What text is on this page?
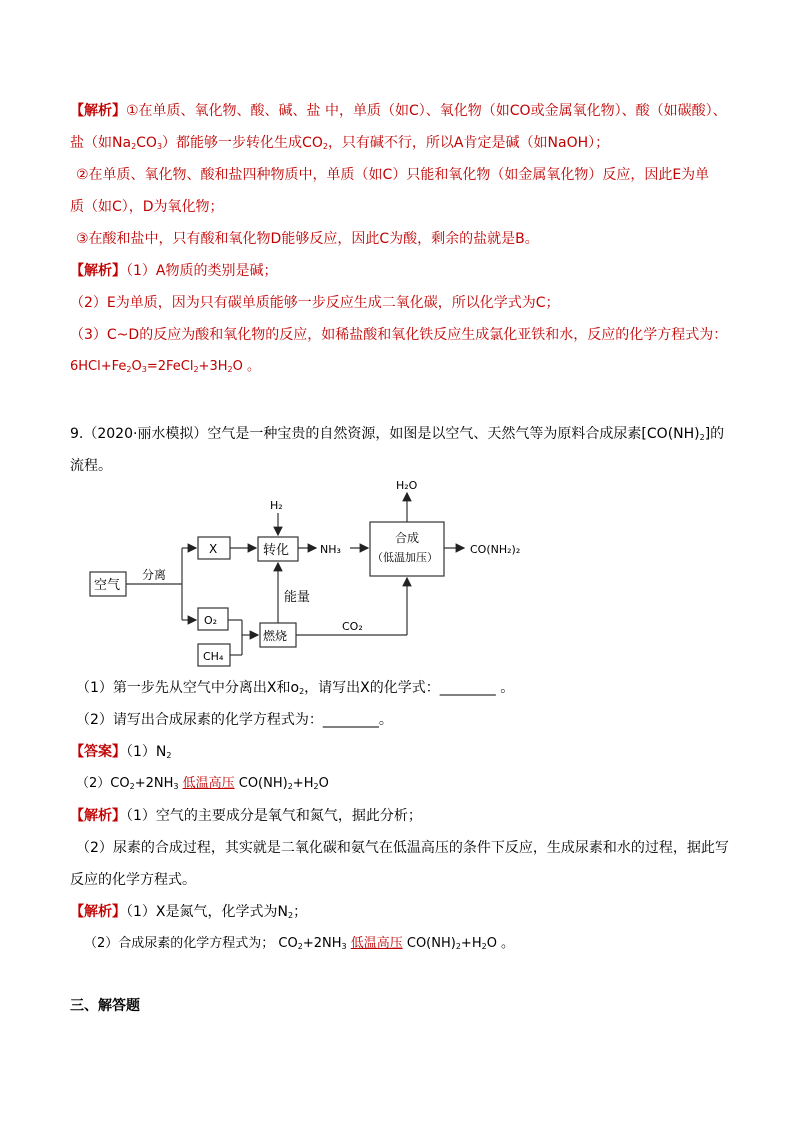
【解析】①在单质、氧化物、酸、碱、盐 中，单质（如C）、氧化物（如CO或金属氧化物）、酸（如碳酸）、
盐（如$Na_2CO_3$）都能够一步转化生成$CO_2$，只有碱不行，所以A肯定是碱（如NaOH）；
②在单质、氧化物、酸和盐四种物质中，单质（如C）只能和氧化物（如金属氧化物）反应，因此E为单
质（如C），D为氧化物；
③在酸和盐中，只有酸和氧化物D能够反应，因此C为酸，剩余的盐就是B。
【解析】（1）A物质的类别是碱；
（2）E为单质，因为只有碳单质能够一步反应生成二氧化碳，所以化学式为C；
（3）C~D的反应为酸和氧化物的反应，如稀盐酸和氧化铁反应生成氯化亚铁和水，反应的化学方程式为：
$6HCl+Fe_2O_3=2FeCl_2+3H_2O$ 。
9.（2020·丽水模拟）空气是一种宝贵的自然资源，如图是以空气、天然气等为原料合成尿素$[CO(NH)_2]$的
流程。
空气
分离
X
H₂
转化	NH₃
H₂O
合成
（低温加压）
CO(NH₂)₂
O₂
燃烧
CH₄
能量
CO₂
（1）第一步先从空气中分离出X和$o_2$，请写出X的化学式：________ 。
（2）请写出合成尿素的化学方程式为：________。
【答案】$(1)N_2$
$(2)CO_2+2NH_3$ 低温高压 $CO(NH)_2+H_2O$
【解析】（1）空气的主要成分是氧气和氮气，据此分析；
（2）尿素的合成过程，其实就是二氧化碳和氨气在低温高压的条件下反应，生成尿素和水的过程，据此写
反应的化学方程式。
【解析】（1）X是氮气，化学式为$N_2$；
（2）合成尿素的化学方程式为； $CO_2+2NH_3$ 低温高压 $CO(NH)_2+H_2O$ 。
三、解答题
